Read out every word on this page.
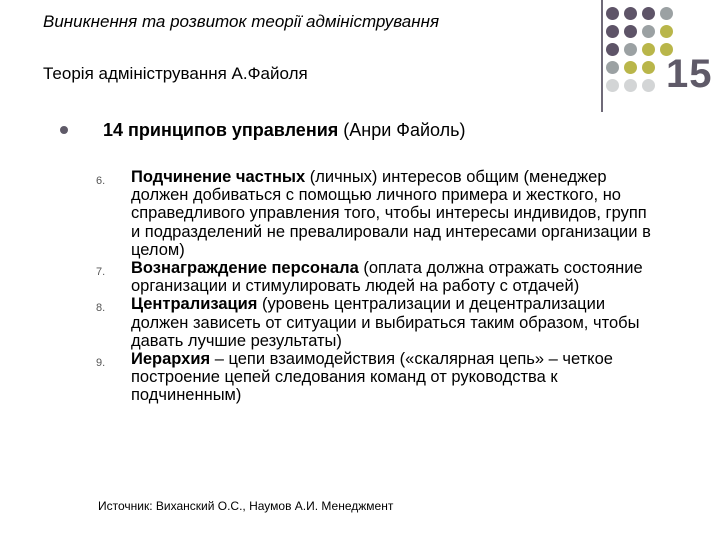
Виникнення та розвиток теорії адміністрування
Теорія адміністрування А.Файоля	15
14 принципов управления (Анри Файоль)
6. Подчинение частных (личных) интересов общим (менеджер должен добиваться с помощью личного примера и жесткого, но справедливого управления того, чтобы интересы индивидов, групп и подразделений не превалировали над интересами организации в целом)
7. Вознаграждение персонала (оплата должна отражать состояние организации и стимулировать людей на работу с отдачей)
8. Централизация (уровень централизации и децентрализации должен зависеть от ситуации и выбираться таким образом, чтобы давать лучшие результаты)
9. Иерархия – цепи взаимодействия («скалярная цепь» – четкое построение цепей следования команд от руководства к подчиненным)
Источник: Виханский О.С., Наумов А.И. Менеджмент
